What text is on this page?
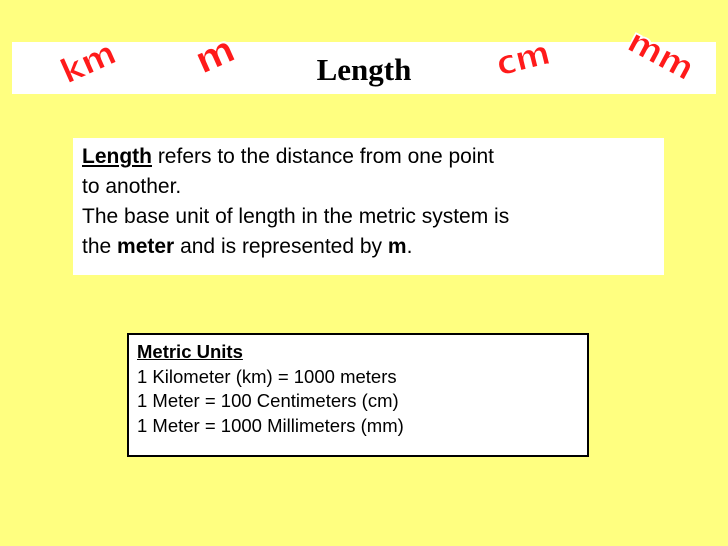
Length
km m	cm mm
Length refers to the distance from one point
to another.
The base unit of length in the metric system is
the meter and is represented by m.
Metric Units
1 Kilometer (km) = 1000 meters
1 Meter = 100 Centimeters (cm)
1 Meter = 1000 Millimeters (mm)
